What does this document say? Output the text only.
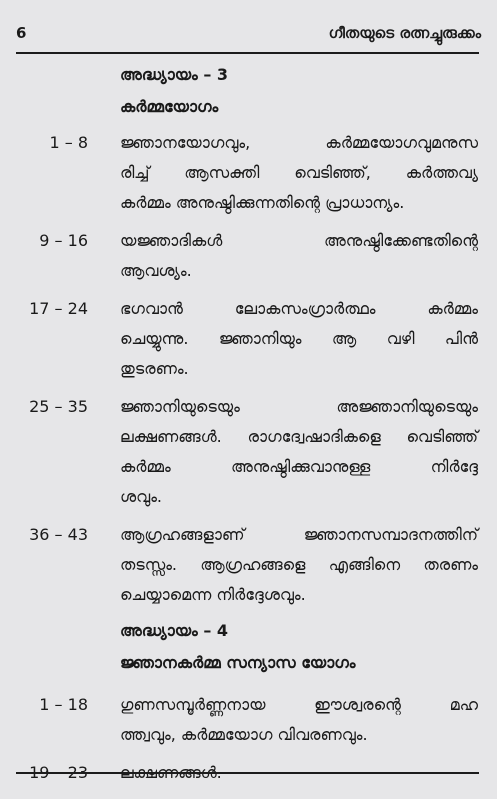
6	ഗീതയുടെ രത്നച്ചുരുക്കം
അദ്ധ്യായം – 3
കർമ്മയോഗം
1 – 8	ജ്ഞാനയോഗവും, കർമ്മയോഗവുമനുസ
രിച്ച് ആസക്തി വെടിഞ്ഞ്, കർത്തവ്യ
കർമ്മം അനുഷ്ഠിക്കുന്നതിന്റെ പ്രാധാന്യം.
9 – 16	യജ്ഞാദികൾ അനുഷ്ഠിക്കേണ്ടതിന്റെ
ആവശ്യം.
17 – 24	ഭഗവാൻ ലോകസംഗ്രാർത്ഥം കർമ്മം
ചെയ്യുന്നു. ജ്ഞാനിയും ആ വഴി പിൻ
തുടരണം.
25 – 35	ജ്ഞാനിയുടെയും അജ്ഞാനിയുടെയും
ലക്ഷണങ്ങൾ. രാഗദ്വേഷാദികളെ വെടിഞ്ഞ്
കർമ്മം അനുഷ്ഠിക്കുവാനുള്ള നിർദ്ദേ
ശവും.
36 – 43	ആഗ്രഹങ്ങളാണ് ജ്ഞാനസമ്പാദനത്തിന്
തടസ്സം. ആഗ്രഹങ്ങളെ എങ്ങിനെ തരണം
ചെയ്യാമെന്ന നിർദ്ദേശവും.
അദ്ധ്യായം – 4
ജ്ഞാനകർമ്മ സന്യാസ യോഗം
1 – 18	ഗുണസമ്പൂർണ്ണനായ ഈശ്വരന്റെ മഹ
ത്ത്വവും, കർമ്മയോഗ വിവരണവും.
19 – 23	ലക്ഷണങ്ങൾ.
